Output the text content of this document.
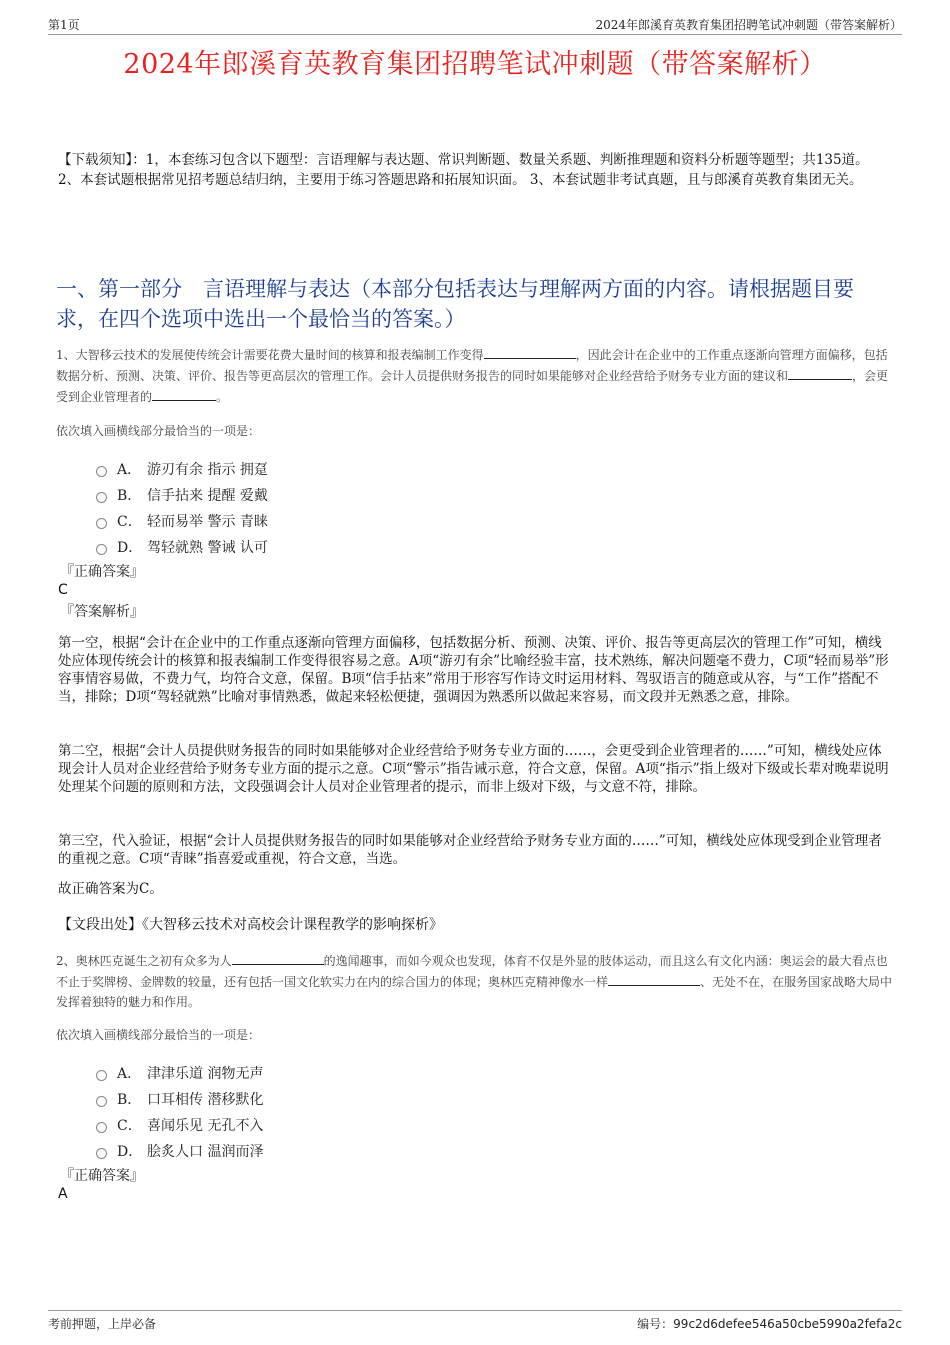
第1页	2024年郎溪育英教育集团招聘笔试冲刺题（带答案解析）
2024年郎溪育英教育集团招聘笔试冲刺题（带答案解析）
【下载须知】：1，本套练习包含以下题型：言语理解与表达题、常识判断题、数量关系题、判断推理题和资料分析题等题型；共135道。 2、本套试题根据常见招考题总结归纳，主要用于练习答题思路和拓展知识面。 3、本套试题非考试真题，且与郎溪育英教育集团无关。
一、第一部分　言语理解与表达（本部分包括表达与理解两方面的内容。请根据题目要求，在四个选项中选出一个最恰当的答案。）
1、大智移云技术的发展使传统会计需要花费大量时间的核算和报表编制工作变得	，因此会计在企业中的工作重点逐渐向管理方面偏移，包括数据分析、预测、决策、评价、报告等更高层次的管理工作。会计人员提供财务报告的同时如果能够对企业经营给予财务专业方面的建议和	，会更受到企业管理者的	。
依次填入画横线部分最恰当的一项是：
A． 游刃有余 指示 拥趸
B． 信手拈来 提醒 爱戴
C． 轻而易举 警示 青睐
D． 驾轻就熟 警诫 认可
『正确答案』
C
『答案解析』
第一空，根据“会计在企业中的工作重点逐渐向管理方面偏移，包括数据分析、预测、决策、评价、报告等更高层次的管理工作”可知，横线处应体现传统会计的核算和报表编制工作变得很容易之意。A项“游刃有余”比喻经验丰富，技术熟练，解决问题毫不费力，C项“轻而易举”形容事情容易做，不费力气，均符合文意，保留。B项“信手拈来”常用于形容写作诗文时运用材料、驾驭语言的随意或从容，与“工作”搭配不当，排除；D项“驾轻就熟”比喻对事情熟悉，做起来轻松便捷，强调因为熟悉所以做起来容易，而文段并无熟悉之意，排除。
第二空，根据“会计人员提供财务报告的同时如果能够对企业经营给予财务专业方面的……，会更受到企业管理者的……”可知，横线处应体现会计人员对企业经营给予财务专业方面的提示之意。C项“警示”指告诫示意，符合文意，保留。A项“指示”指上级对下级或长辈对晚辈说明处理某个问题的原则和方法，文段强调会计人员对企业管理者的提示，而非上级对下级，与文意不符，排除。
第三空，代入验证，根据“会计人员提供财务报告的同时如果能够对企业经营给予财务专业方面的……”可知，横线处应体现受到企业管理者的重视之意。C项“青睐”指喜爱或重视，符合文意，当选。
故正确答案为C。
【文段出处】《大智移云技术对高校会计课程教学的影响探析》
2、奥林匹克诞生之初有众多为人	的逸闻趣事，而如今观众也发现，体育不仅是外显的肢体运动，而且这么有文化内涵：奥运会的最大看点也不止于奖牌榜、金牌数的较量，还有包括一国文化软实力在内的综合国力的体现；奥林匹克精神像水一样	、无处不在，在服务国家战略大局中发挥着独特的魅力和作用。
依次填入画横线部分最恰当的一项是：
A． 津津乐道 润物无声
B． 口耳相传 潜移默化
C． 喜闻乐见 无孔不入
D． 脍炙人口 温润而泽
『正确答案』
A
考前押题，上岸必备	编号：99c2d6defee546a50cbe5990a2fefa2c
